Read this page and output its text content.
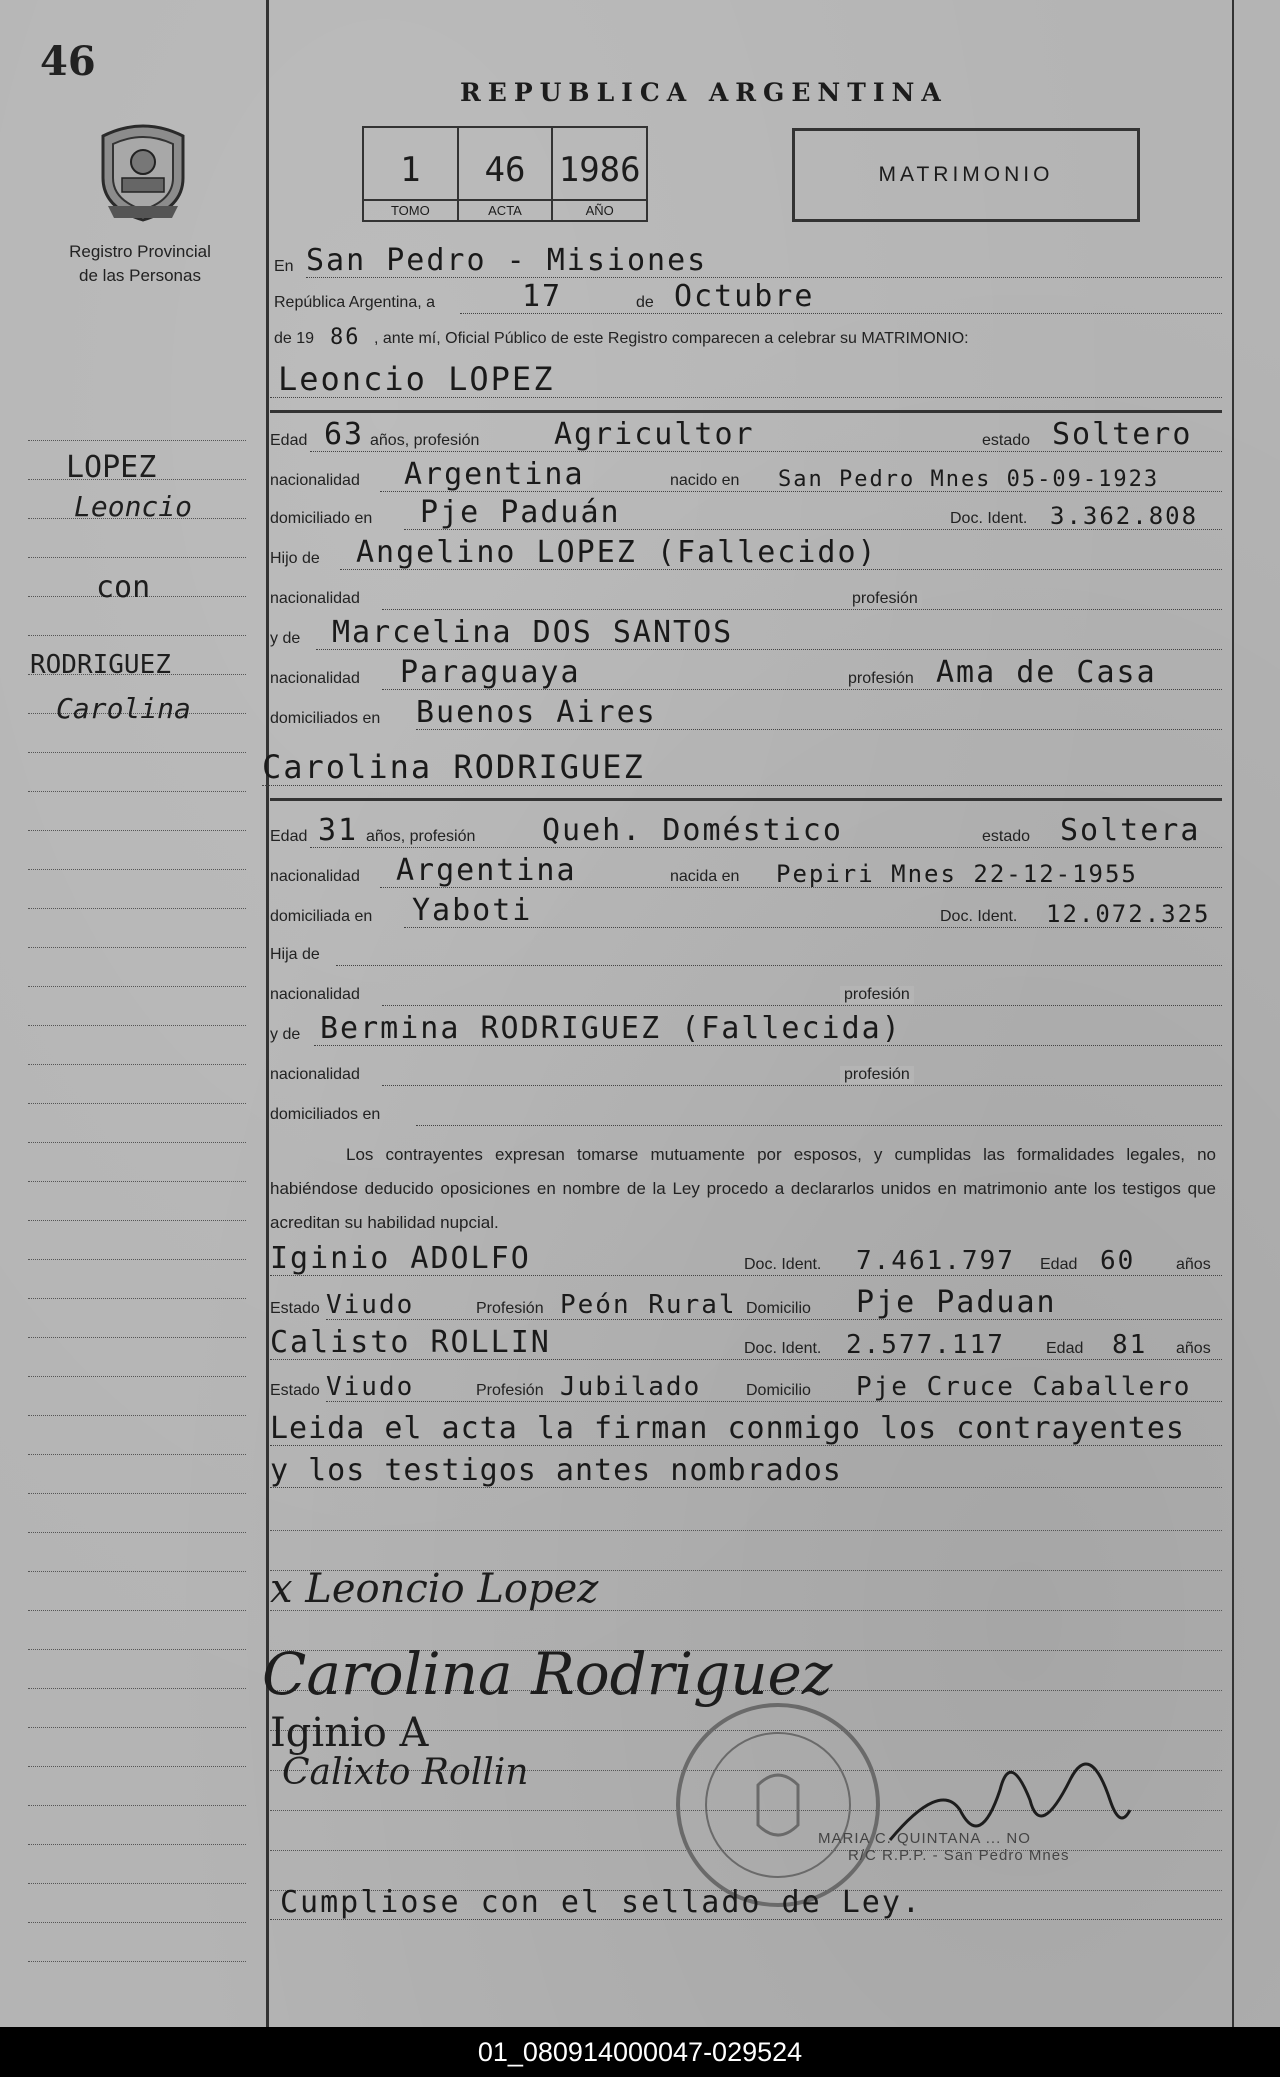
46
Registro Provincial
de las Personas
LOPEZ
Leoncio
con
RODRIGUEZ
Carolina
REPUBLICA ARGENTINA
1
TOMO
46
ACTA
1986
AÑO
MATRIMONIO
En San Pedro - Misiones
República Argentina, a	17	de Octubre
de 19 86 , ante mí, Oficial Público de este Registro comparecen a celebrar su MATRIMONIO:
Leoncio LOPEZ
Edad 63 años, profesión Agricultor	estado Soltero
nacionalidad Argentina	nacido en San Pedro Mnes 05-09-1923
domiciliado en Pje Paduán	Doc. Ident. 3.362.808
Hijo de Angelino LOPEZ (Fallecido)
nacionalidad	profesión
y de Marcelina DOS SANTOS
nacionalidad Paraguaya	profesión Ama de Casa
domiciliados en Buenos Aires
Carolina RODRIGUEZ
Edad 31 años, profesión Queh. Doméstico	estado Soltera
nacionalidad Argentina	nacida en Pepiri Mnes 22-12-1955
domiciliada en Yaboti	Doc. Ident. 12.072.325
Hija de
nacionalidad	profesión
y de Bermina RODRIGUEZ (Fallecida)
nacionalidad	profesión
domiciliados en
Los contrayentes expresan tomarse mutuamente por esposos, y cumplidas las formalidades legales, no habiéndose deducido oposiciones en nombre de la Ley procedo a declararlos unidos en matrimonio ante los testigos que acreditan su habilidad nupcial.
Iginio ADOLFO	Doc. Ident. 7.461.797 Edad 60	años
Estado Viudo	Profesión Peón Rural Domicilio Pje Paduan
Calisto ROLLIN	Doc. Ident. 2.577.117	Edad 81 años
Estado Viudo	Profesión Jubilado	Domicilio Pje Cruce Caballero
Leida el acta la firman conmigo los contrayentes
y los testigos antes nombrados
x Leoncio Lopez
Carolina Rodriguez
Iginio A
Calixto Rollin
MARIA C. QUINTANA ... NO
R/C R.P.P. - San Pedro Mnes
Cumpliose con el sellado de Ley.
01_080914000047-029524
